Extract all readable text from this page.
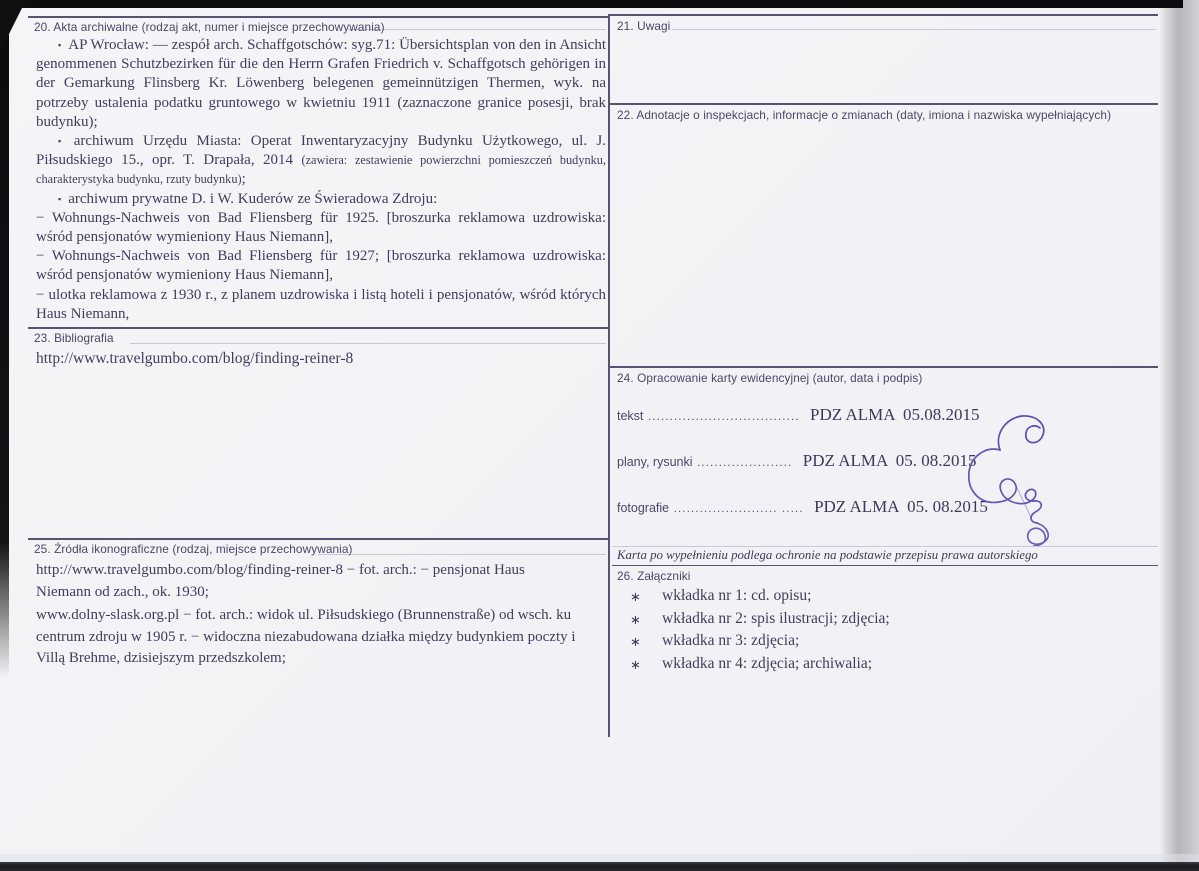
20. Akta archiwalne (rodzaj akt, numer i miejsce przechowywania)

▪ AP Wrocław: — zespół arch. Schaffgotschów: syg.71: Übersichtsplan von den in Ansicht genommenen Schutzbezirken für die den Herrn Grafen Friedrich v. Schaffgotsch gehörigen in der Gemarkung Flinsberg Kr. Löwenberg belegenen gemeinnützigen Thermen, wyk. na potrzeby ustalenia podatku gruntowego w kwietniu 1911 (zaznaczone granice posesji, brak budynku);

▪ archiwum Urzędu Miasta: Operat Inwentaryzacyjny Budynku Użytkowego, ul. J. Piłsudskiego 15., opr. T. Drapała, 2014 (zawiera: zestawienie powierzchni pomieszczeń budynku, charakterystyka budynku, rzuty budynku);

▪ archiwum prywatne D. i W. Kuderów ze Świeradowa Zdroju:

− Wohnungs-Nachweis von Bad Fliensberg für 1925. [broszurka reklamowa uzdrowiska: wśród pensjonatów wymieniony Haus Niemann],

− Wohnungs-Nachweis von Bad Fliensberg für 1927; [broszurka reklamowa uzdrowiska: wśród pensjonatów wymieniony Haus Niemann],

− ulotka reklamowa z 1930 r., z planem uzdrowiska i listą hoteli i pensjonatów, wśród których Haus Niemann,

23. Bibliografia
http://www.travelgumbo.com/blog/finding-reiner-8
25. Źródła ikonograficzne (rodzaj, miejsce przechowywania)
http://www.travelgumbo.com/blog/finding-reiner-8 − fot. arch.: − pensjonat Haus Niemann od zach., ok. 1930;
www.dolny-slask.org.pl − fot. arch.: widok ul. Piłsudskiego (Brunnenstraße) od wsch. ku centrum zdroju w 1905 r. − widoczna niezabudowana działka między budynkiem poczty i Villą Brehme, dzisiejszym przedszkolem;
21. Uwagi
22. Adnotacje o inspekcjach, informacje o zmianach (daty, imiona i nazwiska wypełniających)
24. Opracowanie karty ewidencyjnej (autor, data i podpis)
tekst ................................... PDZ ALMA  05.08.2015
plany, rysunki ...................... PDZ ALMA  05. 08.2015
fotografie ........................ ..... PDZ ALMA  05. 08.2015
Karta po wypełnieniu podlega ochronie na podstawie przepisu prawa autorskiego
26. Załączniki
∗	wkładka nr 1: cd. opisu;
∗	wkładka nr 2: spis ilustracji; zdjęcia;
∗	wkładka nr 3: zdjęcia;
∗	wkładka nr 4: zdjęcia; archiwalia;
